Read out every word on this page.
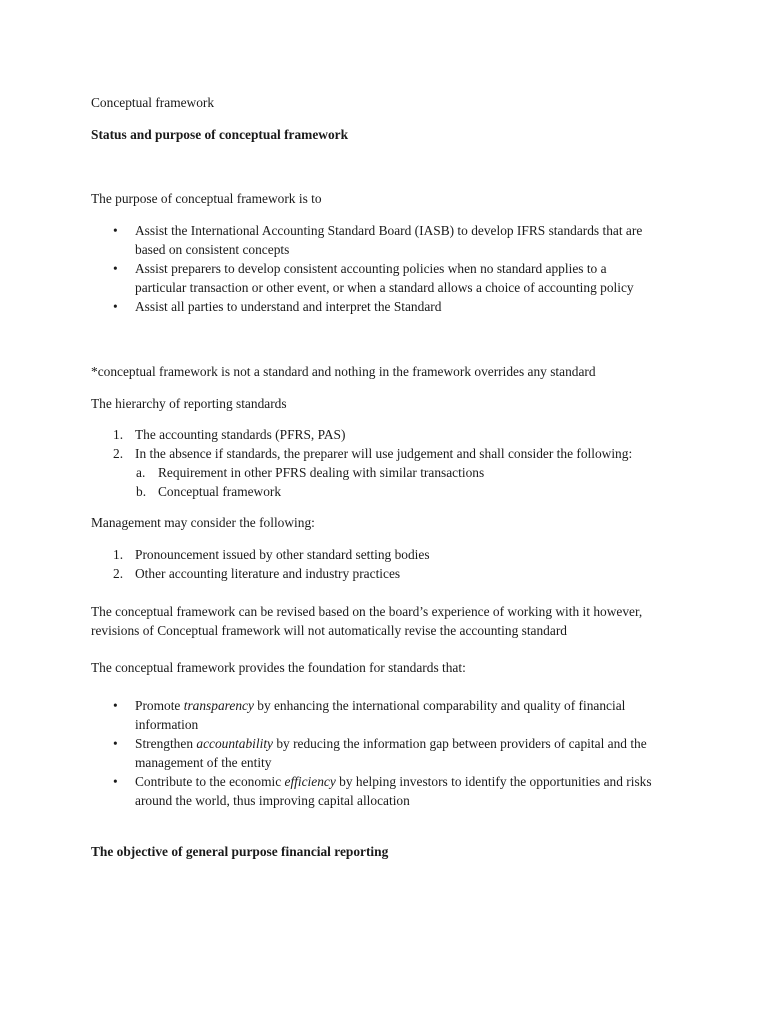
Conceptual framework

Status and purpose of conceptual framework

The purpose of conceptual framework is to

• Assist the International Accounting Standard Board (IASB) to develop IFRS standards that are
based on consistent concepts
• Assist preparers to develop consistent accounting policies when no standard applies to a
particular transaction or other event, or when a standard allows a choice of accounting policy
• Assist all parties to understand and interpret the Standard

*conceptual framework is not a standard and nothing in the framework overrides any standard

The hierarchy of reporting standards

1. The accounting standards (PFRS, PAS)
2. In the absence if standards, the preparer will use judgement and shall consider the following:
a. Requirement in other PFRS dealing with similar transactions
b. Conceptual framework

Management may consider the following:

1. Pronouncement issued by other standard setting bodies
2. Other accounting literature and industry practices

The conceptual framework can be revised based on the board’s experience of working with it however,
revisions of Conceptual framework will not automatically revise the accounting standard

The conceptual framework provides the foundation for standards that:

• Promote transparency by enhancing the international comparability and quality of financial
information
• Strengthen accountability by reducing the information gap between providers of capital and the
management of the entity
• Contribute to the economic efficiency by helping investors to identify the opportunities and risks
around the world, thus improving capital allocation

The objective of general purpose financial reporting
